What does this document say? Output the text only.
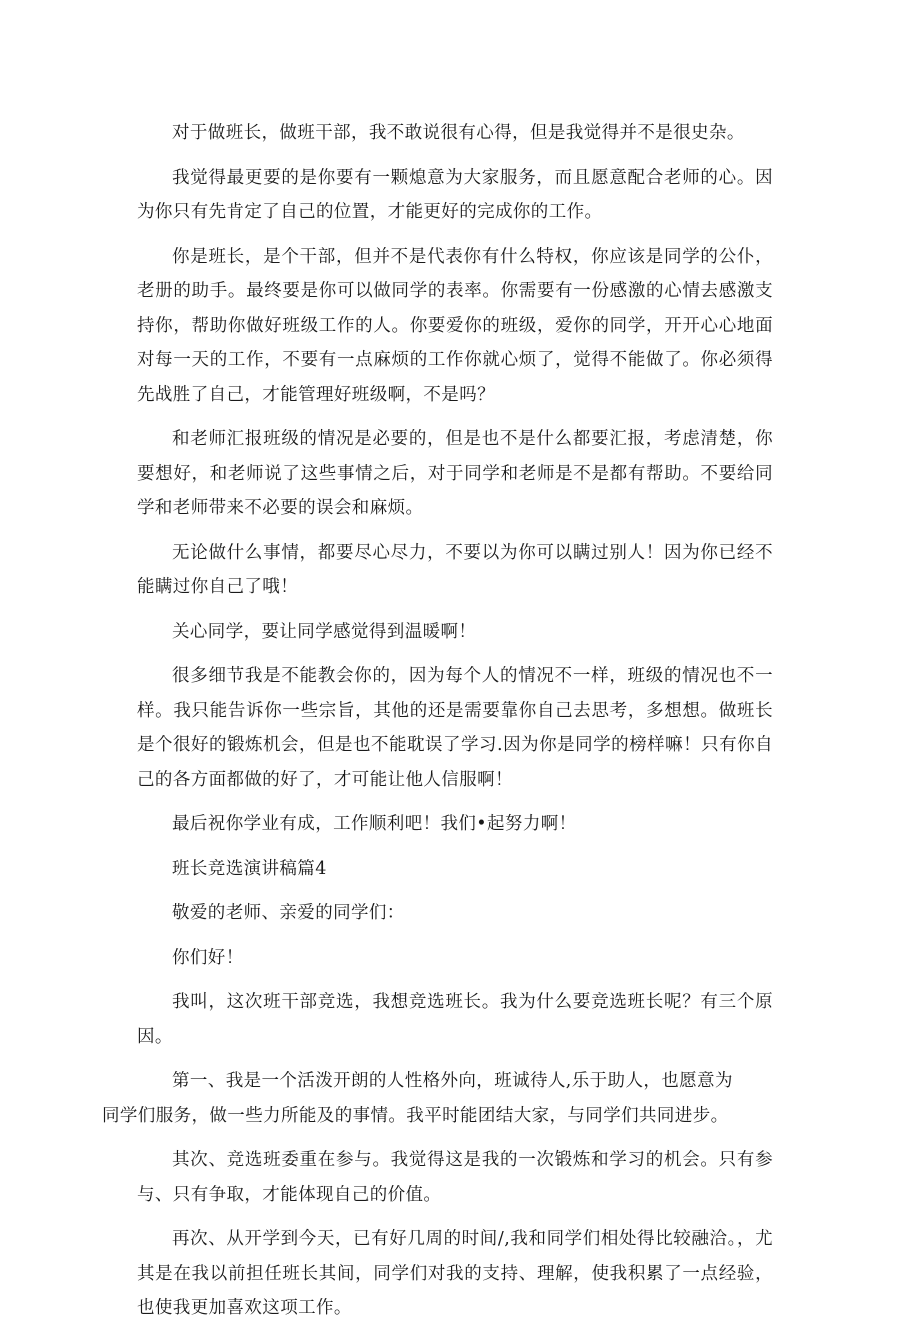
对于做班长，做班干部，我不敢说很有心得，但是我觉得并不是很史杂。

我觉得最更要的是你要有一颗熄意为大家服务，而且愿意配合老师的心。因为你只有先肯定了自己的位置，才能更好的完成你的工作。

你是班长，是个干部，但并不是代表你有什么特权，你应该是同学的公仆，老册的助手。最终要是你可以做同学的表率。你需要有一份感激的心情去感激支持你，帮助你做好班级工作的人。你要爱你的班级，爱你的同学，开开心心地面对每一天的工作，不要有一点麻烦的工作你就心烦了，觉得不能做了。你必须得先战胜了自己，才能管理好班级啊，不是吗？

和老师汇报班级的情况是必要的，但是也不是什么都要汇报，考虑清楚，你要想好，和老师说了这些事情之后，对于同学和老师是不是都有帮助。不要给同学和老师带来不必要的误会和麻烦。

无论做什么事情，都要尽心尽力，不要以为你可以瞒过别人！因为你已经不能瞒过你自己了哦！

关心同学，要让同学感觉得到温暖啊！

很多细节我是不能教会你的，因为每个人的情况不一样，班级的情况也不一样。我只能告诉你一些宗旨，其他的还是需要靠你自己去思考，多想想。做班长是个很好的锻炼机会，但是也不能耽误了学习.因为你是同学的榜样嘛！只有你自己的各方面都做的好了，才可能让他人信服啊！

最后祝你学业有成，工作顺利吧！我们•起努力啊！

班长竞选演讲稿篇4

敬爱的老师、亲爱的同学们：

你们好！

我叫，这次班干部竞选，我想竞选班长。我为什么要竞选班长呢？有三个原因。

第一、我是一个活泼开朗的人性格外向，班诚待人,乐于助人，也愿意为
同学们服务，做一些力所能及的事情。我平时能团结大家，与同学们共同进步。

其次、竞选班委重在参与。我觉得这是我的一次锻炼和学习的机会。只有参与、只有争取，才能体现自己的价值。

再次、从开学到今天，已有好几周的时间/,我和同学们相处得比较融洽。，尤其是在我以前担任班长其间，同学们对我的支持、理解，使我积累了一点经验，也使我更加喜欢这项工作。
